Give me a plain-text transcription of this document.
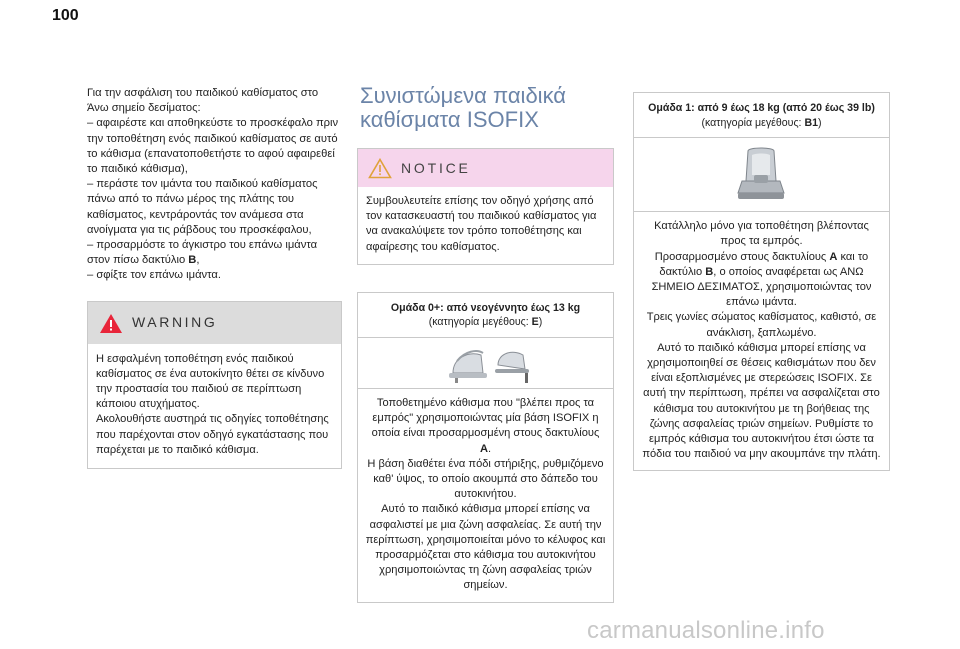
100

Για την ασφάλιση του παιδικού καθίσματος στο Άνω σημείο δεσίματος:

– αφαιρέστε και αποθηκεύστε το προσκέφαλο πριν την τοποθέτηση ενός παιδικού καθίσματος σε αυτό το κάθισμα (επανατοποθετήστε το αφού αφαιρεθεί το παιδικό κάθισμα),

– περάστε τον ιμάντα του παιδικού καθίσματος πάνω από το πάνω μέρος της πλάτης του καθίσματος, κεντράροντάς τον ανάμεσα στα ανοίγματα για τις ράβδους του προσκέφαλου,

– προσαρμόστε το άγκιστρο του επάνω ιμάντα στον πίσω δακτύλιο B,

– σφίξτε τον επάνω ιμάντα.

WARNING

Η εσφαλμένη τοποθέτηση ενός παιδικού καθίσματος σε ένα αυτοκίνητο θέτει σε κίνδυνο την προστασία του παιδιού σε περίπτωση κάποιου ατυχήματος.

Ακολουθήστε αυστηρά τις οδηγίες τοποθέτησης που παρέχονται στον οδηγό εγκατάστασης που παρέχεται με το παιδικό κάθισμα.

Συνιστώμενα παιδικά καθίσματα ISOFIX
NOTICE
Συμβουλευτείτε επίσης τον οδηγό χρήσης από τον κατασκευαστή του παιδικού καθίσματος για να ανακαλύψετε τον τρόπο τοποθέτησης και αφαίρεσης του καθίσματος.
Ομάδα 0+: από νεογέννητο έως 13 kg
(κατηγορία μεγέθους: E)
Τοποθετημένο κάθισμα που "βλέπει προς τα εμπρός" χρησιμοποιώντας μία βάση ISOFIX η οποία είναι προσαρμοσμένη στους δακτυλίους A.
Η βάση διαθέτει ένα πόδι στήριξης, ρυθμιζόμενο καθ' ύψος, το οποίο ακουμπά στο δάπεδο του αυτοκινήτου.
Αυτό το παιδικό κάθισμα μπορεί επίσης να ασφαλιστεί με μια ζώνη ασφαλείας. Σε αυτή την περίπτωση, χρησιμοποιείται μόνο το κέλυφος και προσαρμόζεται στο κάθισμα του αυτοκινήτου χρησιμοποιώντας τη ζώνη ασφαλείας τριών σημείων.
Ομάδα 1: από 9 έως 18 kg (από 20 έως 39 lb)
(κατηγορία μεγέθους: B1)
Κατάλληλο μόνο για τοποθέτηση βλέποντας προς τα εμπρός.
Προσαρμοσμένο στους δακτυλίους A και το δακτύλιο B, ο οποίος αναφέρεται ως ΑΝΩ ΣΗΜΕΙΟ ΔΕΣΙΜΑΤΟΣ, χρησιμοποιώντας τον επάνω ιμάντα.
Τρεις γωνίες σώματος καθίσματος, καθιστό, σε ανάκλιση, ξαπλωμένο.
Αυτό το παιδικό κάθισμα μπορεί επίσης να χρησιμοποιηθεί σε θέσεις καθισμάτων που δεν είναι εξοπλισμένες με στερεώσεις ISOFIX. Σε αυτή την περίπτωση, πρέπει να ασφαλίζεται στο κάθισμα του αυτοκινήτου με τη βοήθειας της ζώνης ασφαλείας τριών σημείων. Ρυθμίστε το εμπρός κάθισμα του αυτοκινήτου έτσι ώστε τα πόδια του παιδιού να μην ακουμπάνε την πλάτη.
carmanualsonline.info
